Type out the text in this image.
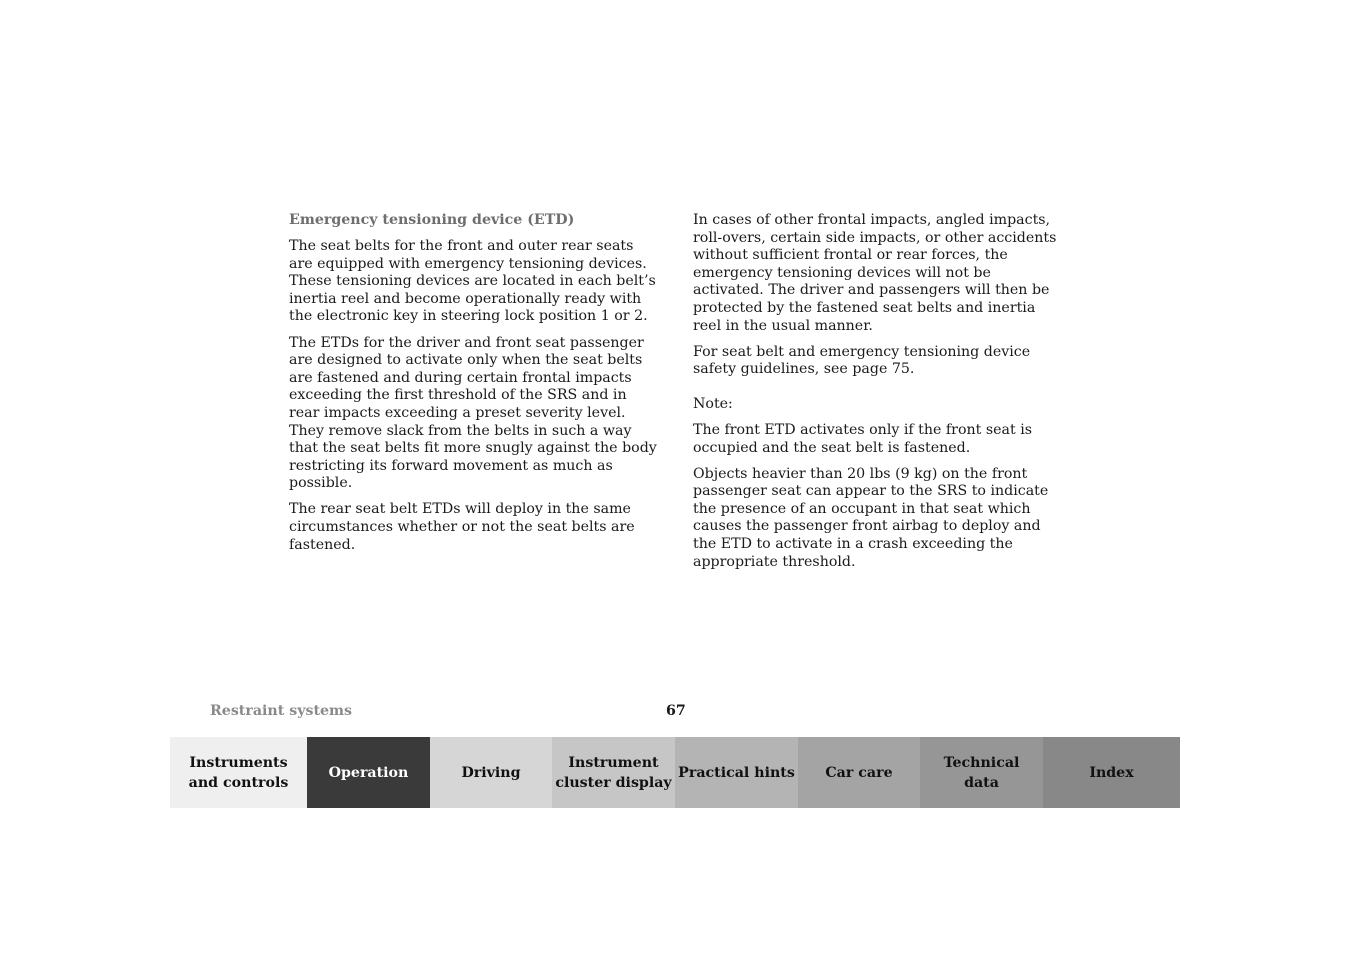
Emergency tensioning device (ETD)

The seat belts for the front and outer rear seats are equipped with emergency tensioning devices. These tensioning devices are located in each belt’s inertia reel and become operationally ready with the electronic key in steering lock position 1 or 2.

The ETDs for the driver and front seat passenger are designed to activate only when the seat belts are fastened and during certain frontal impacts exceeding the first threshold of the SRS and in rear impacts exceeding a preset severity level. They remove slack from the belts in such a way that the seat belts fit more snugly against the body restricting its forward movement as much as possible.

The rear seat belt ETDs will deploy in the same circumstances whether or not the seat belts are fastened.

In cases of other frontal impacts, angled impacts, roll-overs, certain side impacts, or other accidents without sufficient frontal or rear forces, the emergency tensioning devices will not be activated. The driver and passengers will then be protected by the fastened seat belts and inertia reel in the usual manner.

For seat belt and emergency tensioning device safety guidelines, see page 75.

Note:

The front ETD activates only if the front seat is occupied and the seat belt is fastened.

Objects heavier than 20 lbs (9 kg) on the front passenger seat can appear to the SRS to indicate the presence of an occupant in that seat which causes the passenger front airbag to deploy and the ETD to activate in a crash exceeding the appropriate threshold.

Restraint systems	67
Instruments
and controls
Operation	Driving
Instrument
cluster display
Practical hints Car care
Technical
data
Index
